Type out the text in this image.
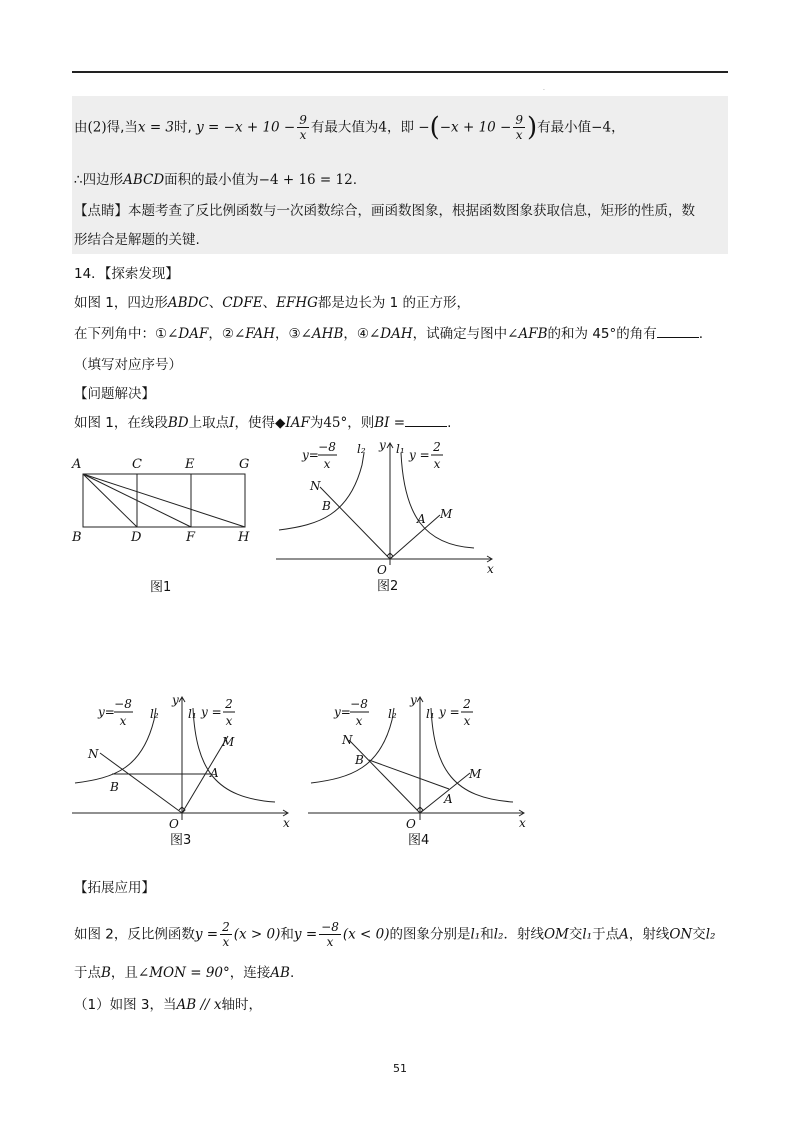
·
由(2)得,当x = 3时, $y = -x + 10 - \frac{9}{x}$ 有最大值为4，即 $-(-x + 10 - \frac{9}{x}$ )有最小值−4，
∴四边形ABCD面积的最小值为−4 + 16 = 12.
【点睛】本题考查了反比例函数与一次函数综合，画函数图象，根据函数图象获取信息，矩形的性质，数
形结合是解题的关键.
14．【探索发现】
如图 1，四边形ABDC、CDFE、EFHG都是边长为 1 的正方形，
在下列角中：①∠DAF，②∠FAH，③∠AHB，④∠DAH，试确定与图中∠AFB的和为 45°的角有	.
（填写对应序号）
【问题解决】
如图 1，在线段BD上取点I，使得◆IAF为45°，则BI =	.
A	C	E	G
B	D	F	H
图1
y=
−8
x
l₂ y l₁ y =
2
x
N
B
A M
O	x
图2
y=
−8
x l₂
y
l₁ y =
2
x
N
B
A
M
O	x
图3
y=
−8
x l₂
y
l₁ y =
2
x
N
B
A
M
O	x
图4
【拓展应用】
如图 2，反比例函数$y = \frac{2}{x} (x > 0)$和$y = \frac{-8}{x} (x < 0)$的图象分别是l₁和l₂．射线OM交l₁于点A，射线ON交l₂
于点B，且∠MON = 90°，连接AB.
（1）如图 3，当AB // x轴时，
51
